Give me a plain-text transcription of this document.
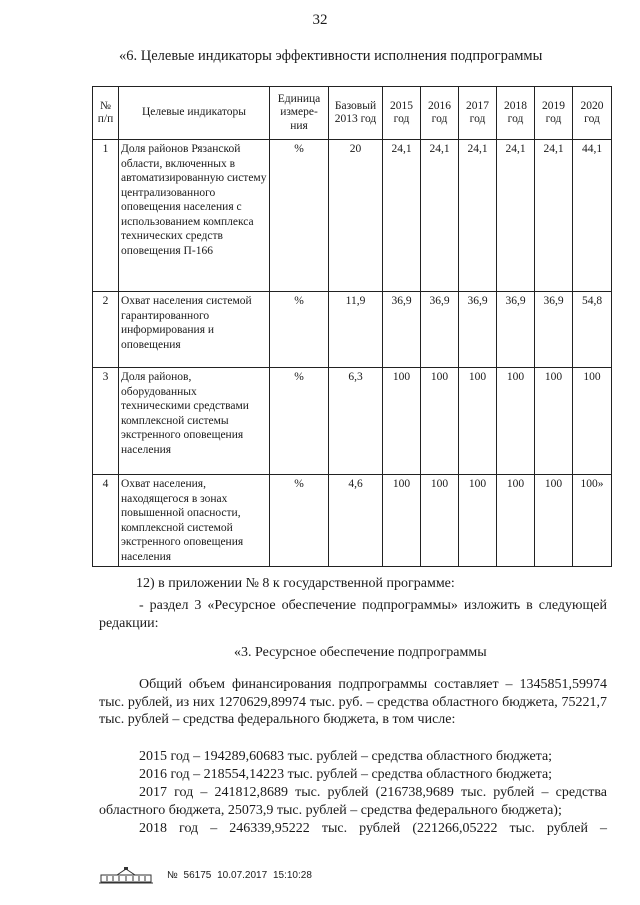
32
«6. Целевые индикаторы эффективности исполнения подпрограммы
№ п/п	Целевые индикаторы	Единица измере-ния	Базовый 2013 год	2015 год	2016 год	2017 год	2018 год	2019 год	2020 год
1	Доля районов Рязанской области, включенных в автоматизированную систему централизованного оповещения населения с использованием комплекса технических средств оповещения П-166	%	20	24,1	24,1	24,1	24,1	24,1	44,1
2	Охват населения системой гарантированного информирования и оповещения	%	11,9	36,9	36,9	36,9	36,9	36,9	54,8
3	Доля районов, оборудованных техническими средствами комплексной системы экстренного оповещения населения	%	6,3	100	100	100	100	100	100
4	Охват населения, находящегося в зонах повышенной опасности, комплексной системой экстренного оповещения населения	%	4,6	100	100	100	100	100	100»
12) в приложении № 8 к государственной программе:
- раздел 3 «Ресурсное обеспечение подпрограммы» изложить в следующей редакции:
«3. Ресурсное обеспечение подпрограммы
Общий объем финансирования подпрограммы составляет – 1345851,59974 тыс. рублей, из них 1270629,89974 тыс. руб. – средства областного бюджета, 75221,7 тыс. рублей – средства федерального бюджета, в том числе:
2015 год – 194289,60683 тыс. рублей – средства областного бюджета;
2016 год – 218554,14223 тыс. рублей – средства областного бюджета;
2017 год – 241812,8689 тыс. рублей (216738,9689 тыс. рублей – средства областного бюджета, 25073,9 тыс. рублей – средства федерального бюджета);
2018 год – 246339,95222 тыс. рублей (221266,05222 тыс. рублей –
№ 56175 10.07.2017 15:10:28
